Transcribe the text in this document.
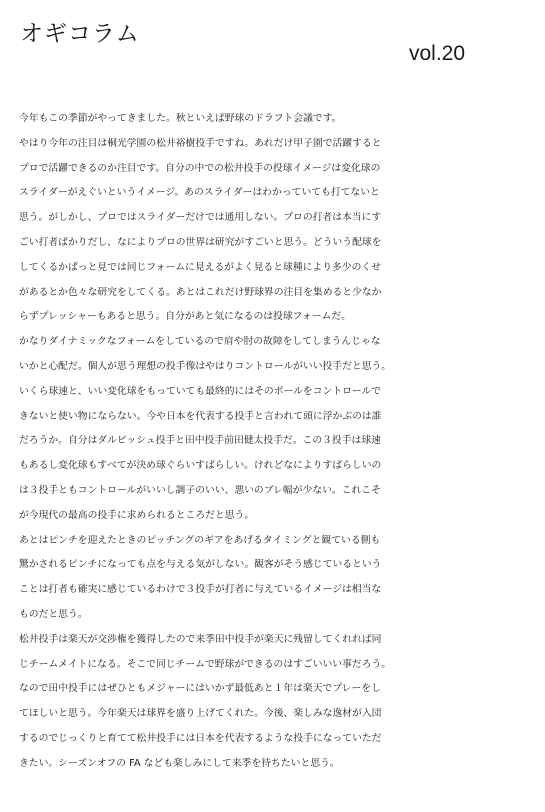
オギコラム
vol.20
今年もこの季節がやってきました。秋といえば野球のドラフト会議です。
やはり今年の注目は桐光学園の松井裕樹投手ですね。あれだけ甲子園で活躍すると
プロで活躍できるのか注目です。自分の中での松井投手の投球イメージは変化球の
スライダーがえぐいというイメージ。あのスライダーはわかっていても打てないと
思う。がしかし、プロではスライダーだけでは通用しない。プロの打者は本当にす
ごい打者ばかりだし、なによりプロの世界は研究がすごいと思う。どういう配球を
してくるかぱっと見では同じフォームに見えるがよく見ると球種により多少のくせ
があるとか色々な研究をしてくる。あとはこれだけ野球界の注目を集めると少なか
らずプレッシャーもあると思う。自分があと気になるのは投球フォームだ。
かなりダイナミックなフォームをしているので肩や肘の故障をしてしまうんじゃな
いかと心配だ。個人が思う理想の投手像はやはりコントロールがいい投手だと思う。
いくら球速と、いい変化球をもっていても最終的にはそのボールをコントロールで
きないと使い物にならない。今や日本を代表する投手と言われて頭に浮かぶのは誰
だろうか。自分はダルビッシュ投手と田中投手前田健太投手だ。この３投手は球速
もあるし変化球もすべてが決め球ぐらいすばらしい。けれどなによりすばらしいの
は３投手ともコントロールがいいし調子のいい、悪いのブレ幅が少ない。これこそ
が今現代の最高の投手に求められるところだと思う。
あとはピンチを迎えたときのピッチングのギアをあげるタイミングと観ている側も
驚かされるピンチになっても点を与える気がしない。観客がそう感じているという
ことは打者も確実に感じているわけで３投手が打者に与えているイメージは相当な
ものだと思う。
松井投手は楽天が交渉権を獲得したので来季田中投手が楽天に残留してくれれば同
じチームメイトになる。そこで同じチームで野球ができるのはすごいいい事だろう。
なので田中投手にはぜひともメジャーにはいかず最低あと１年は楽天でプレーをし
てほしいと思う。今年楽天は球界を盛り上げてくれた。今後、楽しみな逸材が入団
するのでじっくりと育てて松井投手には日本を代表するような投手になっていただ
きたい。シーズンオフの FA なども楽しみにして来季を待ちたいと思う。
